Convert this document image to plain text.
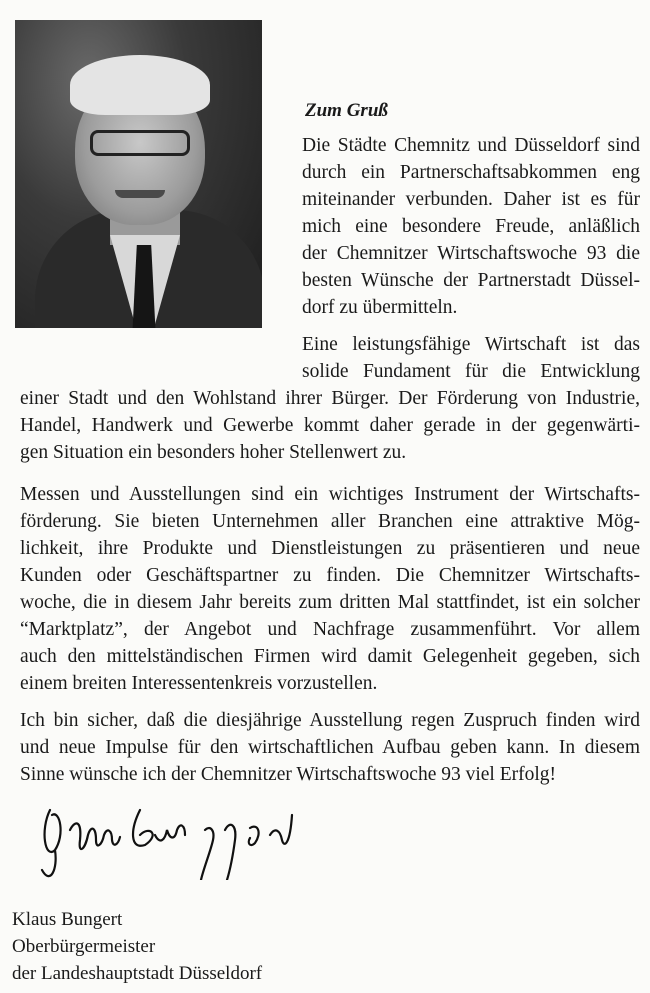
Zum Gruß
Die Städte Chemnitz und Düsseldorf sind
durch ein Partnerschaftsabkommen eng
miteinander verbunden. Daher ist es für
mich eine besondere Freude, anläßlich
der Chemnitzer Wirtschaftswoche 93 die
besten Wünsche der Partnerstadt Düssel-
dorf zu übermitteln.
Eine leistungsfähige Wirtschaft ist das
solide Fundament für die Entwicklung
einer Stadt und den Wohlstand ihrer Bürger. Der Förderung von Industrie,
Handel, Handwerk und Gewerbe kommt daher gerade in der gegenwärti-
gen Situation ein besonders hoher Stellenwert zu.
Messen und Ausstellungen sind ein wichtiges Instrument der Wirtschafts-
förderung. Sie bieten Unternehmen aller Branchen eine attraktive Mög-
lichkeit, ihre Produkte und Dienstleistungen zu präsentieren und neue
Kunden oder Geschäftspartner zu finden. Die Chemnitzer Wirtschafts-
woche, die in diesem Jahr bereits zum dritten Mal stattfindet, ist ein solcher
“Marktplatz”, der Angebot und Nachfrage zusammenführt. Vor allem
auch den mittelständischen Firmen wird damit Gelegenheit gegeben, sich
einem breiten Interessentenkreis vorzustellen.
Ich bin sicher, daß die diesjährige Ausstellung regen Zuspruch finden wird
und neue Impulse für den wirtschaftlichen Aufbau geben kann. In diesem
Sinne wünsche ich der Chemnitzer Wirtschaftswoche 93 viel Erfolg!
Klaus Bungert
Oberbürgermeister
der Landeshauptstadt Düsseldorf
